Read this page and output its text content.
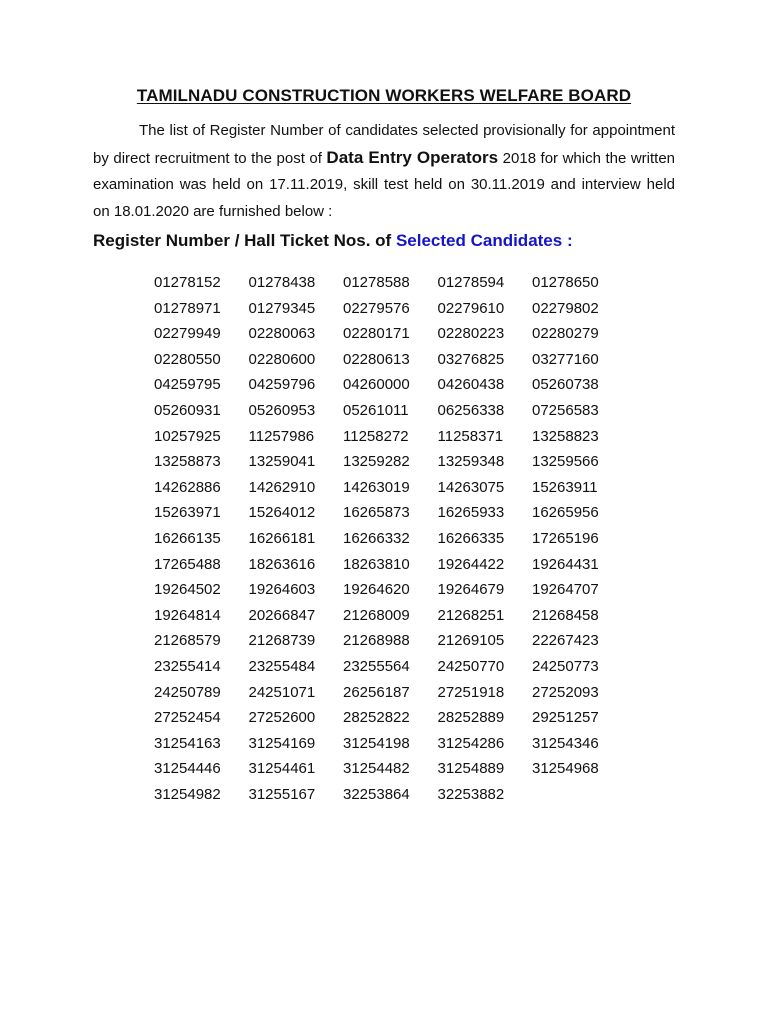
TAMILNADU CONSTRUCTION WORKERS WELFARE BOARD
The list of Register Number of candidates selected provisionally for appointment by direct recruitment to the post of Data Entry Operators 2018 for which the written examination was held on 17.11.2019, skill test held on 30.11.2019 and interview held on 18.01.2020 are furnished below :
Register Number / Hall Ticket Nos. of Selected Candidates :
01278152	01278438	01278588	01278594	01278650
01278971	01279345	02279576	02279610	02279802
02279949	02280063	02280171	02280223	02280279
02280550	02280600	02280613	03276825	03277160
04259795	04259796	04260000	04260438	05260738
05260931	05260953	05261011	06256338	07256583
10257925	11257986	11258272	11258371	13258823
13258873	13259041	13259282	13259348	13259566
14262886	14262910	14263019	14263075	15263911
15263971	15264012	16265873	16265933	16265956
16266135	16266181	16266332	16266335	17265196
17265488	18263616	18263810	19264422	19264431
19264502	19264603	19264620	19264679	19264707
19264814	20266847	21268009	21268251	21268458
21268579	21268739	21268988	21269105	22267423
23255414	23255484	23255564	24250770	24250773
24250789	24251071	26256187	27251918	27252093
27252454	27252600	28252822	28252889	29251257
31254163	31254169	31254198	31254286	31254346
31254446	31254461	31254482	31254889	31254968
31254982	31255167	32253864	32253882
